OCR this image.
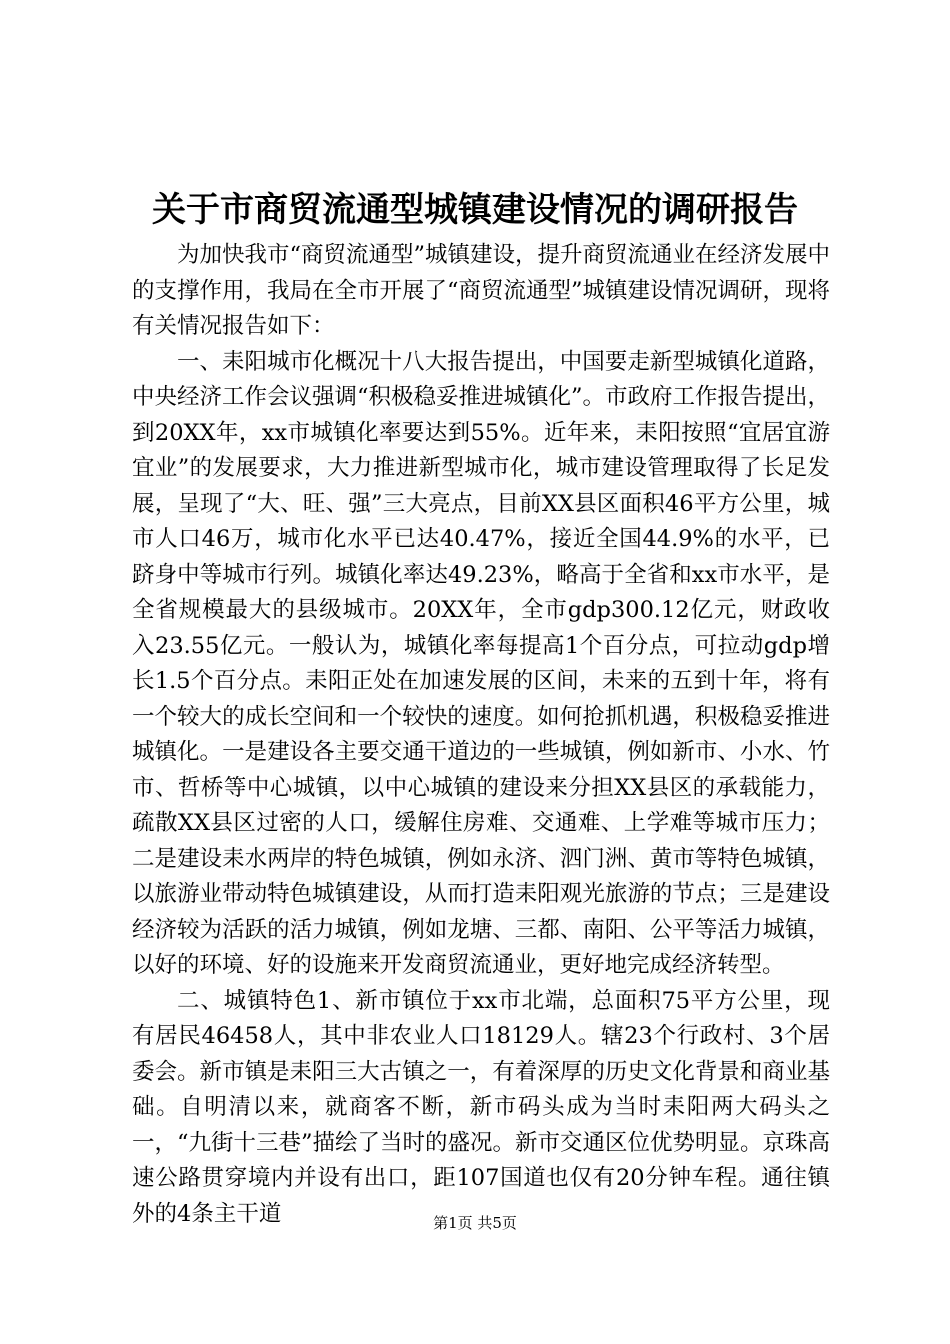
关于市商贸流通型城镇建设情况的调研报告

为加快我市“商贸流通型”城镇建设，提升商贸流通业在经济发展中的支撑作用，我局在全市开展了“商贸流通型”城镇建设情况调研，现将有关情况报告如下：

一、耒阳城市化概况十八大报告提出，中国要走新型城镇化道路，中央经济工作会议强调“积极稳妥推进城镇化”。市政府工作报告提出，到20XX年，xx市城镇化率要达到55%。近年来，耒阳按照“宜居宜游宜业”的发展要求，大力推进新型城市化，城市建设管理取得了长足发展，呈现了“大、旺、强”三大亮点，目前XX县区面积46平方公里，城市人口46万，城市化水平已达40.47%，接近全国44.9%的水平，已跻身中等城市行列。城镇化率达49.23%，略高于全省和xx市水平，是全省规模最大的县级城市。20XX年，全市gdp300.12亿元，财政收入23.55亿元。一般认为，城镇化率每提高1个百分点，可拉动gdp增长1.5个百分点。耒阳正处在加速发展的区间，未来的五到十年，将有一个较大的成长空间和一个较快的速度。如何抢抓机遇，积极稳妥推进城镇化。一是建设各主要交通干道边的一些城镇，例如新市、小水、竹市、哲桥等中心城镇，以中心城镇的建设来分担XX县区的承载能力，疏散XX县区过密的人口，缓解住房难、交通难、上学难等城市压力；二是建设耒水两岸的特色城镇，例如永济、泗门洲、黄市等特色城镇，以旅游业带动特色城镇建设，从而打造耒阳观光旅游的节点；三是建设经济较为活跃的活力城镇，例如龙塘、三都、南阳、公平等活力城镇，以好的环境、好的设施来开发商贸流通业，更好地完成经济转型。

二、城镇特色1、新市镇位于xx市北端，总面积75平方公里，现有居民46458人，其中非农业人口18129人。辖23个行政村、3个居委会。新市镇是耒阳三大古镇之一，有着深厚的历史文化背景和商业基础。自明清以来，就商客不断，新市码头成为当时耒阳两大码头之一，“九街十三巷”描绘了当时的盛况。新市交通区位优势明显。京珠高速公路贯穿境内并设有出口，距107国道也仅有20分钟车程。通往镇外的4条主干道	第1页 共5页
